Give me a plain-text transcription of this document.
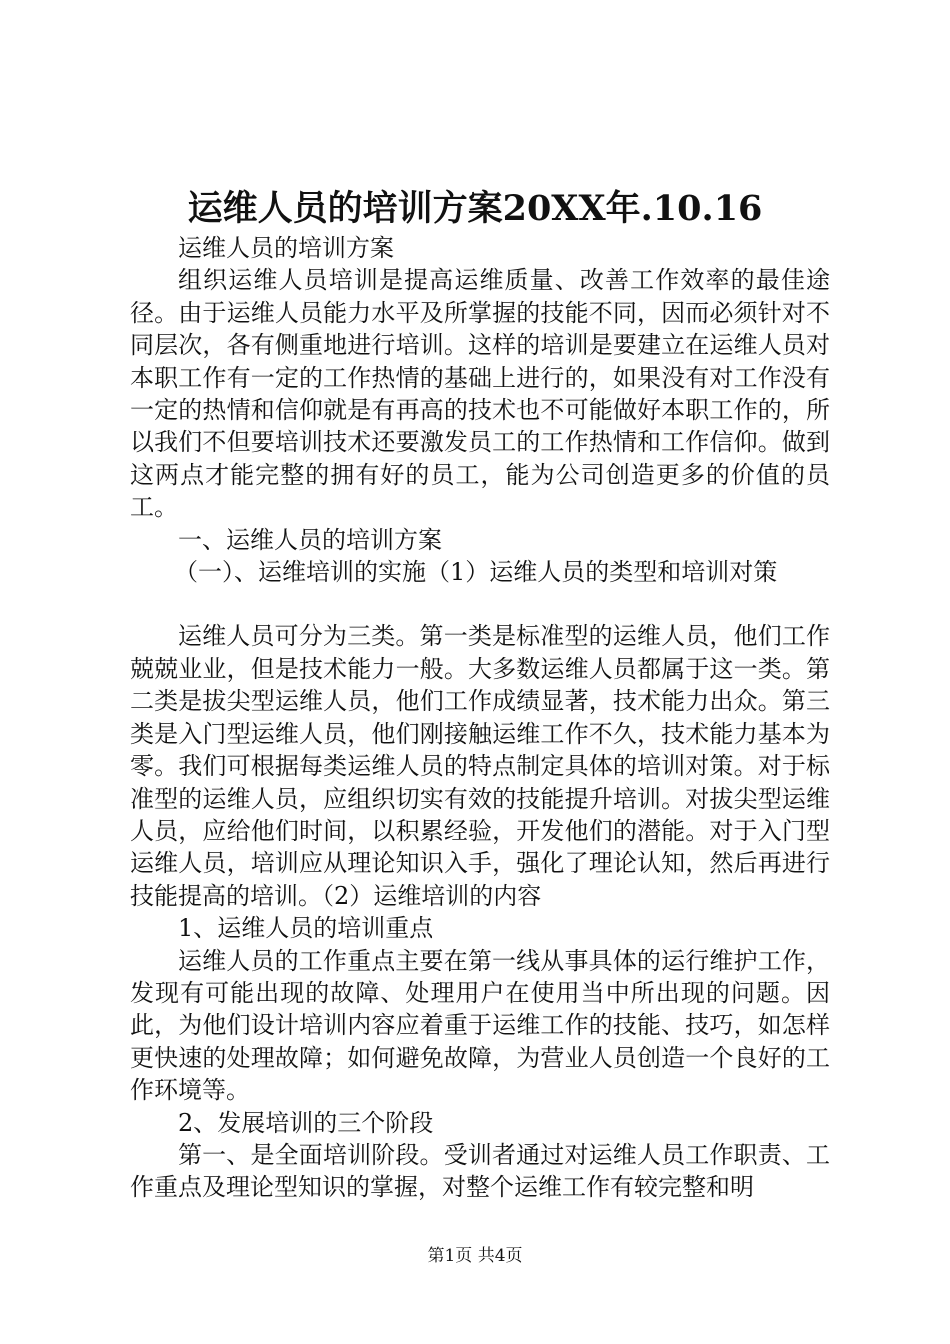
运维人员的培训方案20XX年.10.16

运维人员的培训方案

组织运维人员培训是提高运维质量、改善工作效率的最佳途径。由于运维人员能力水平及所掌握的技能不同，因而必须针对不同层次，各有侧重地进行培训。这样的培训是要建立在运维人员对本职工作有一定的工作热情的基础上进行的，如果没有对工作没有一定的热情和信仰就是有再高的技术也不可能做好本职工作的，所以我们不但要培训技术还要激发员工的工作热情和工作信仰。做到这两点才能完整的拥有好的员工，能为公司创造更多的价值的员工。

一、运维人员的培训方案

（一）、运维培训的实施（1）运维人员的类型和培训对策

运维人员可分为三类。第一类是标准型的运维人员，他们工作兢兢业业，但是技术能力一般。大多数运维人员都属于这一类。第二类是拔尖型运维人员，他们工作成绩显著，技术能力出众。第三类是入门型运维人员，他们刚接触运维工作不久，技术能力基本为零。我们可根据每类运维人员的特点制定具体的培训对策。对于标准型的运维人员，应组织切实有效的技能提升培训。对拔尖型运维人员，应给他们时间，以积累经验，开发他们的潜能。对于入门型运维人员，培训应从理论知识入手，强化了理论认知，然后再进行技能提高的培训。（2）运维培训的内容

1、运维人员的培训重点

运维人员的工作重点主要在第一线从事具体的运行维护工作，发现有可能出现的故障、处理用户在使用当中所出现的问题。因此，为他们设计培训内容应着重于运维工作的技能、技巧，如怎样更快速的处理故障；如何避免故障，为营业人员创造一个良好的工作环境等。

2、发展培训的三个阶段

第一、是全面培训阶段。受训者通过对运维人员工作职责、工作重点及理论型知识的掌握，对整个运维工作有较完整和明

第1页 共4页
